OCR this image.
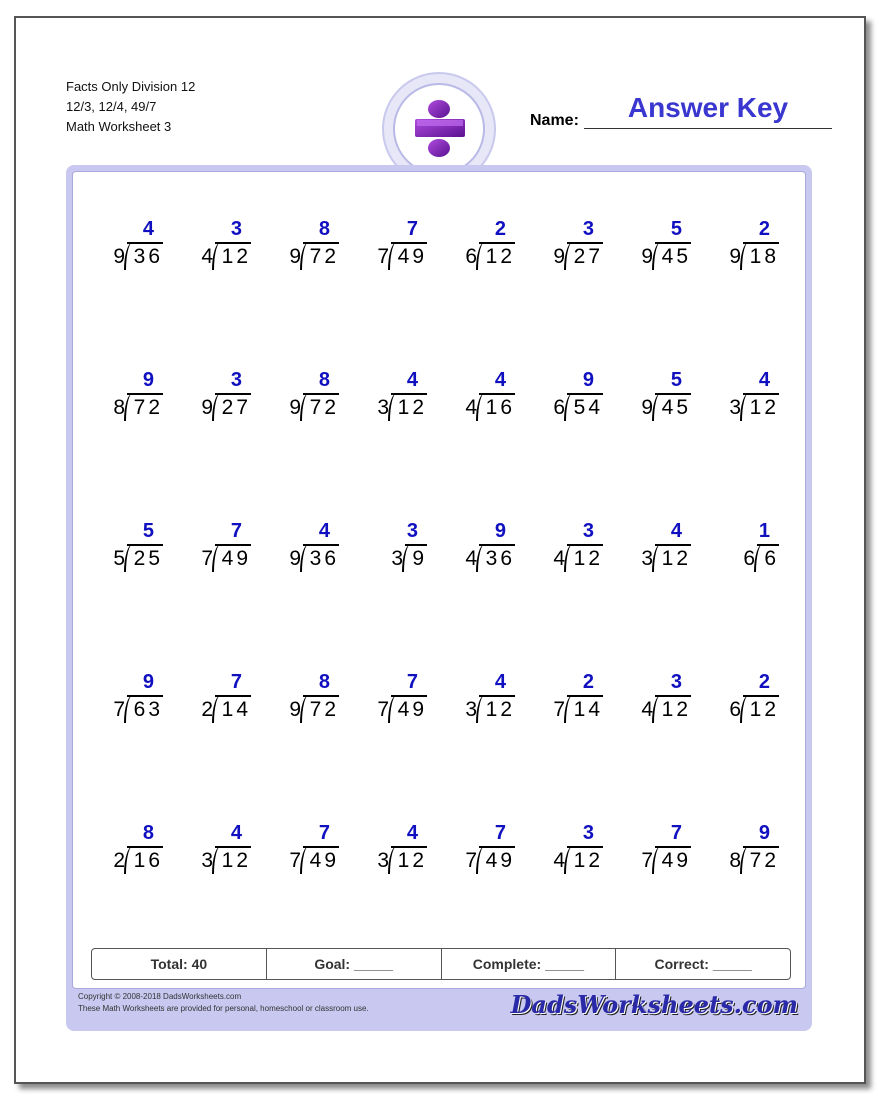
Facts Only Division 12
12/3, 12/4, 49/7
Math Worksheet 3	Name:	Answer Key
4
9 36
3
4 12
8
9 72
7
7 49
2
6 12
3
9 27
5
9 45
2
9 18
9
8 72
3
9 27
8
9 72
4
3 12
4
4 16
9
6 54
5
9 45
4
3 12
5
5 25
7
7 49
4
9 36
3
3 9
9
4 36
3
4 12
4
3 12
1
6 6
9
7 63
7
2 14
8
9 72
7
7 49
4
3 12
2
7 14
3
4 12
2
6 12
8
2 16
4
3 12
7
7 49
4
3 12
7
7 49
3
4 12
7
7 49
9
8 72
Total: 40	Goal: _____	Complete: _____	Correct: _____
Copyright © 2008-2018 DadsWorksheets.com
These Math Worksheets are provided for personal, homeschool or classroom use.	DadsWorksheets.com
